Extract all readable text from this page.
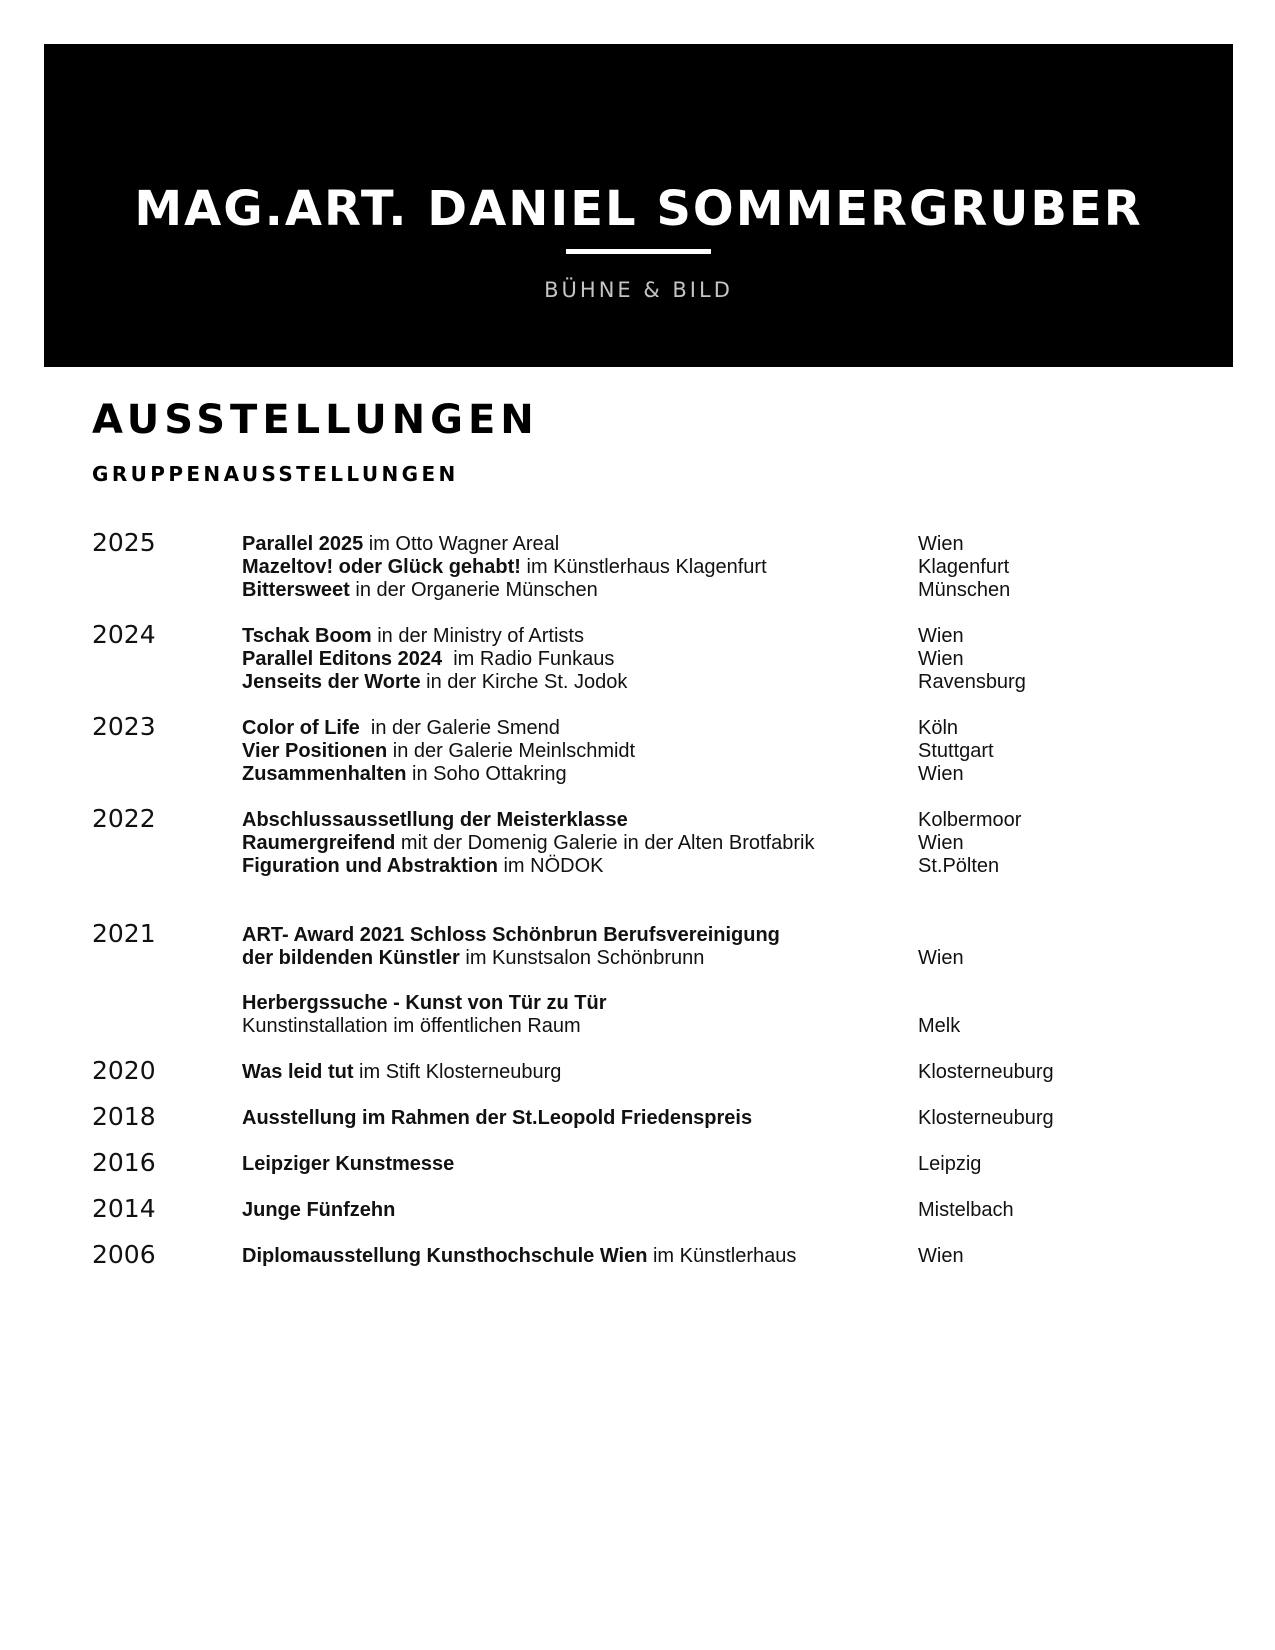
MAG.ART. DANIEL SOMMERGRUBER
BÜHNE & BILD
AUSSTELLUNGEN
GRUPPENAUSSTELLUNGEN
2025	Parallel 2025 im Otto Wagner Areal	Wien
Mazeltov! oder Glück gehabt! im Künstlerhaus Klagenfurt	Klagenfurt
Bittersweet in der Organerie Münschen	Münschen
2024	Tschak Boom in der Ministry of Artists	Wien
Parallel Editons 2024  im Radio Funkaus	Wien
Jenseits der Worte in der Kirche St. Jodok	Ravensburg
2023	Color of Life  in der Galerie Smend	Köln
Vier Positionen in der Galerie Meinlschmidt	Stuttgart
Zusammenhalten in Soho Ottakring	Wien
2022	Abschlussaussetllung der Meisterklasse	Kolbermoor
Raumergreifend mit der Domenig Galerie in der Alten Brotfabrik	Wien
Figuration und Abstraktion im NÖDOK	St.Pölten
2021	ART- Award 2021 Schloss Schönbrun Berufsvereinigung
der bildenden Künstler im Kunstsalon Schönbrunn	Wien
Herbergssuche - Kunst von Tür zu Tür
Kunstinstallation im öffentlichen Raum	Melk
2020	Was leid tut im Stift Klosterneuburg	Klosterneuburg
2018	Ausstellung im Rahmen der St.Leopold Friedenspreis	Klosterneuburg
2016	Leipziger Kunstmesse	Leipzig
2014	Junge Fünfzehn	Mistelbach
2006	Diplomausstellung Kunsthochschule Wien im Künstlerhaus	Wien
